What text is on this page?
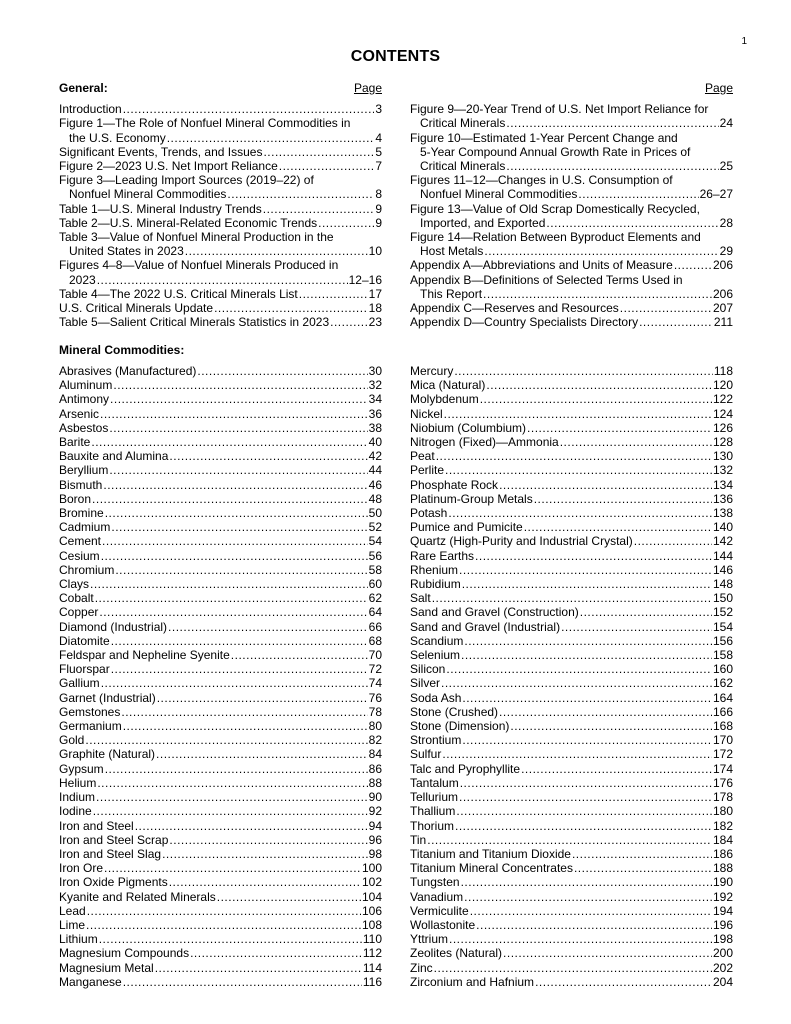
1
CONTENTS
General:	Page
Introduction .....	3
Figure 1—The Role of Nonfuel Mineral Commodities in
the U.S. Economy .....	4
Significant Events, Trends, and Issues .....	5
Figure 2—2023 U.S. Net Import Reliance .....	7
Figure 3—Leading Import Sources (2019–22) of
Nonfuel Mineral Commodities .....	8
Table 1—U.S. Mineral Industry Trends .....	9
Table 2—U.S. Mineral-Related Economic Trends .....	9
Table 3—Value of Nonfuel Mineral Production in the
United States in 2023 .....	10
Figures 4–8—Value of Nonfuel Minerals Produced in
2023 .....	12–16
Table 4—The 2022 U.S. Critical Minerals List .....	17
U.S. Critical Minerals Update .....	18
Table 5—Salient Critical Minerals Statistics in 2023 .....	23
Page
Figure 9—20-Year Trend of U.S. Net Import Reliance for
Critical Minerals .....	24
Figure 10—Estimated 1-Year Percent Change and
5-Year Compound Annual Growth Rate in Prices of
Critical Minerals .....	25
Figures 11–12—Changes in U.S. Consumption of
Nonfuel Mineral Commodities .....	26–27
Figure 13—Value of Old Scrap Domestically Recycled,
Imported, and Exported .....	28
Figure 14—Relation Between Byproduct Elements and
Host Metals .....	29
Appendix A—Abbreviations and Units of Measure .....	206
Appendix B—Definitions of Selected Terms Used in
This Report .....	206
Appendix C—Reserves and Resources .....	207
Appendix D—Country Specialists Directory .....	211
Mineral Commodities:
Abrasives (Manufactured) .....	30
Aluminum .....	32
Antimony .....	34
Arsenic .....	36
Asbestos .....	38
Barite .....	40
Bauxite and Alumina .....	42
Beryllium .....	44
Bismuth .....	46
Boron .....	48
Bromine .....	50
Cadmium .....	52
Cement .....	54
Cesium .....	56
Chromium .....	58
Clays .....	60
Cobalt .....	62
Copper .....	64
Diamond (Industrial) .....	66
Diatomite .....	68
Feldspar and Nepheline Syenite .....	70
Fluorspar .....	72
Gallium .....	74
Garnet (Industrial) .....	76
Gemstones .....	78
Germanium .....	80
Gold .....	82
Graphite (Natural) .....	84
Gypsum .....	86
Helium .....	88
Indium .....	90
Iodine .....	92
Iron and Steel .....	94
Iron and Steel Scrap .....	96
Iron and Steel Slag .....	98
Iron Ore .....	100
Iron Oxide Pigments .....	102
Kyanite and Related Minerals .....	104
Lead .....	106
Lime .....	108
Lithium .....	110
Magnesium Compounds .....	112
Magnesium Metal .....	114
Manganese .....	116
Mercury .....	118
Mica (Natural) .....	120
Molybdenum .....	122
Nickel .....	124
Niobium (Columbium) .....	126
Nitrogen (Fixed)—Ammonia .....	128
Peat .....	130
Perlite .....	132
Phosphate Rock .....	134
Platinum-Group Metals .....	136
Potash .....	138
Pumice and Pumicite .....	140
Quartz (High-Purity and Industrial Crystal) .....	142
Rare Earths .....	144
Rhenium .....	146
Rubidium .....	148
Salt .....	150
Sand and Gravel (Construction) .....	152
Sand and Gravel (Industrial) .....	154
Scandium .....	156
Selenium .....	158
Silicon .....	160
Silver .....	162
Soda Ash .....	164
Stone (Crushed) .....	166
Stone (Dimension) .....	168
Strontium .....	170
Sulfur .....	172
Talc and Pyrophyllite .....	174
Tantalum .....	176
Tellurium .....	178
Thallium .....	180
Thorium .....	182
Tin .....	184
Titanium and Titanium Dioxide .....	186
Titanium Mineral Concentrates .....	188
Tungsten .....	190
Vanadium .....	192
Vermiculite .....	194
Wollastonite .....	196
Yttrium .....	198
Zeolites (Natural) .....	200
Zinc .....	202
Zirconium and Hafnium .....	204
